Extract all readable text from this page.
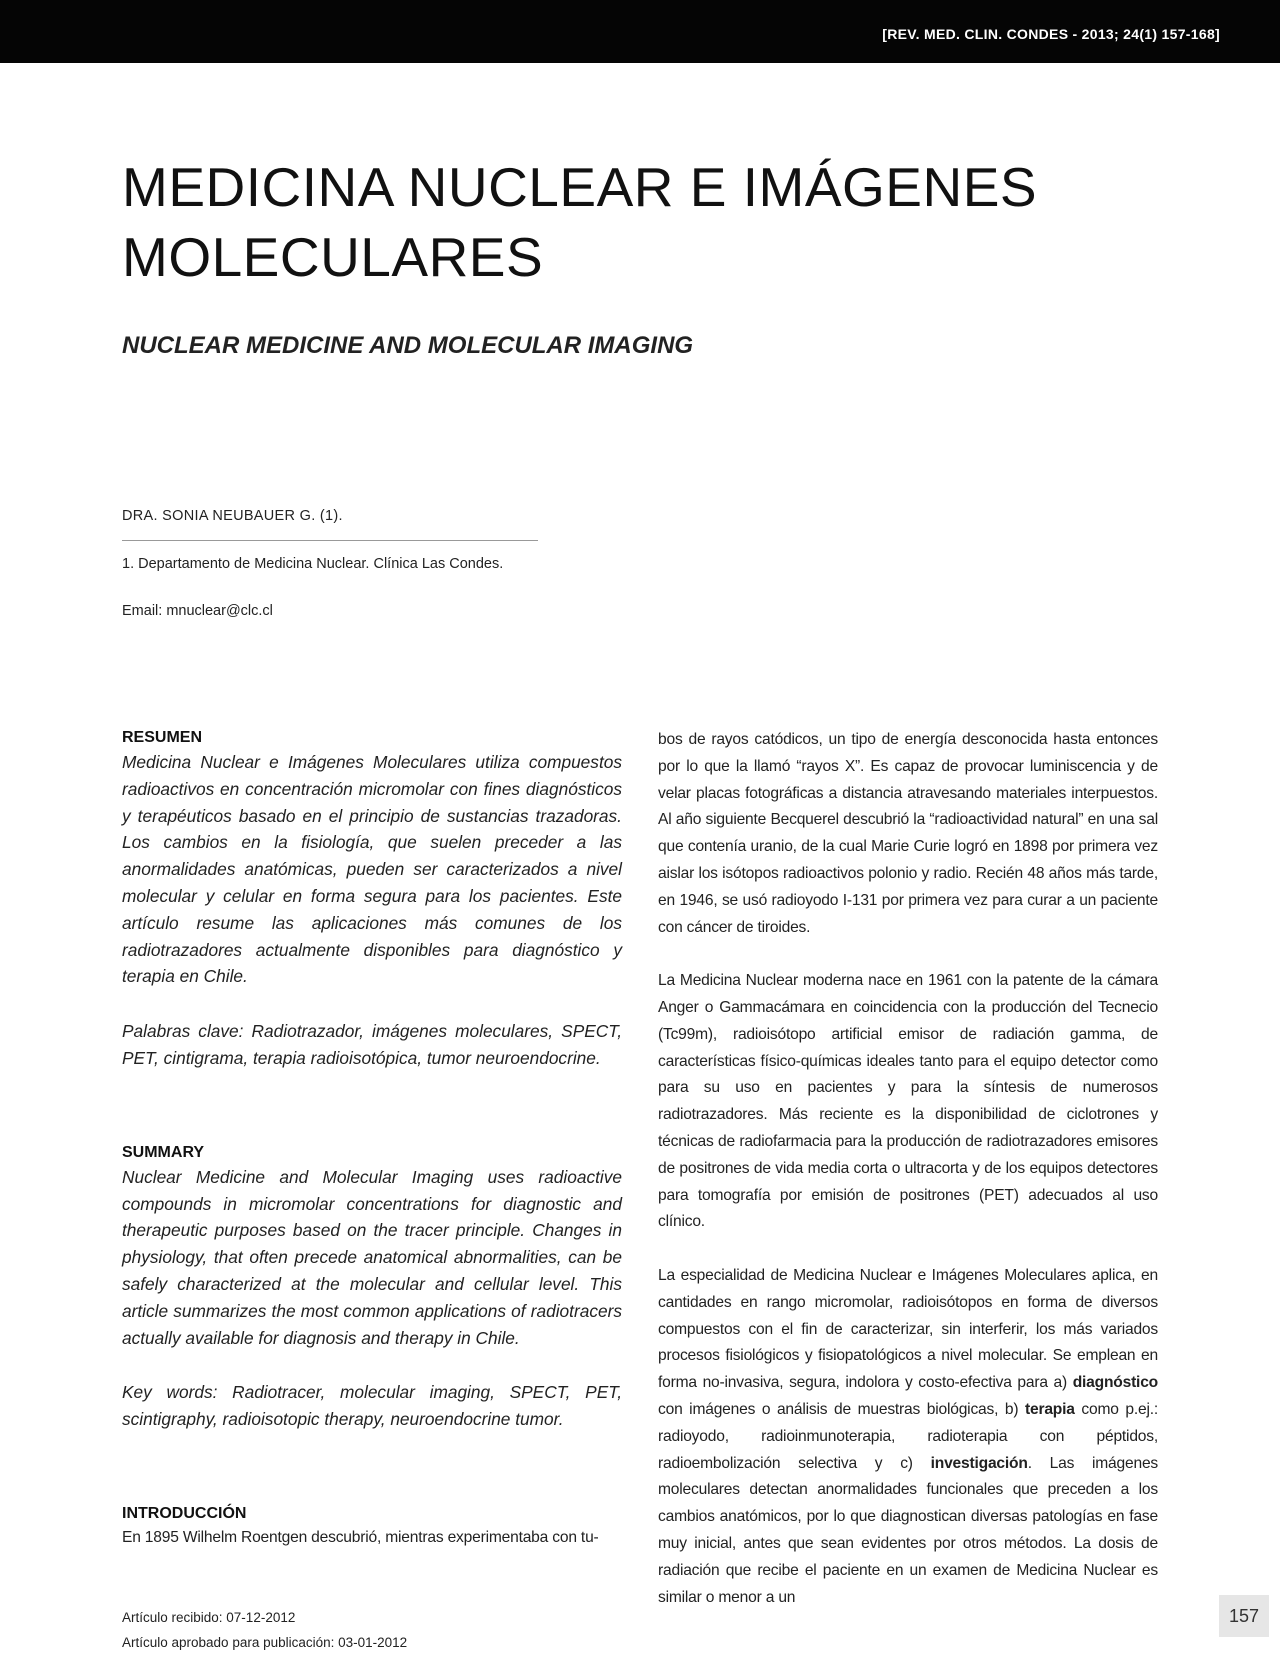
[REV. MED. CLIN. CONDES - 2013; 24(1) 157-168]
MEDICINA NUCLEAR E IMÁGENES
MOLECULARES
NUCLEAR MEDICINE AND MOLECULAR IMAGING
DRA. SONIA NEUBAUER G. (1).
1. Departamento de Medicina Nuclear. Clínica Las Condes.
Email: mnuclear@clc.cl
RESUMEN

Medicina Nuclear e Imágenes Moleculares utiliza compuestos radioactivos en concentración micromolar con fines diagnósticos y terapéuticos basado en el principio de sustancias trazadoras. Los cambios en la fisiología, que suelen preceder a las anormalidades anatómicas, pueden ser caracterizados a nivel molecular y celular en forma segura para los pacientes. Este artículo resume las aplicaciones más comunes de los radiotrazadores actualmente disponibles para diagnóstico y terapia en Chile.

Palabras clave: Radiotrazador, imágenes moleculares, SPECT, PET, cintigrama, terapia radioisotópica, tumor neuroendocrine.

SUMMARY

Nuclear Medicine and Molecular Imaging uses radioactive compounds in micromolar concentrations for diagnostic and therapeutic purposes based on the tracer principle. Changes in physiology, that often precede anatomical abnormalities, can be safely characterized at the molecular and cellular level. This article summarizes the most common applications of radiotracers actually available for diagnosis and therapy in Chile.

Key words: Radiotracer, molecular imaging, SPECT, PET, scintigraphy, radioisotopic therapy, neuroendocrine tumor.

INTRODUCCIÓN

En 1895 Wilhelm Roentgen descubrió, mientras experimentaba con tu-

bos de rayos catódicos, un tipo de energía desconocida hasta entonces por lo que la llamó “rayos X”. Es capaz de provocar luminiscencia y de velar placas fotográficas a distancia atravesando materiales interpuestos. Al año siguiente Becquerel descubrió la “radioactividad natural” en una sal que contenía uranio, de la cual Marie Curie logró en 1898 por primera vez aislar los isótopos radioactivos polonio y radio. Recién 48 años más tarde, en 1946, se usó radioyodo I-131 por primera vez para curar a un paciente con cáncer de tiroides.

La Medicina Nuclear moderna nace en 1961 con la patente de la cámara Anger o Gammacámara en coincidencia con la producción del Tecnecio (Tc99m), radioisótopo artificial emisor de radiación gamma, de características físico-químicas ideales tanto para el equipo detector como para su uso en pacientes y para la síntesis de numerosos radiotrazadores. Más reciente es la disponibilidad de ciclotrones y técnicas de radiofarmacia para la producción de radiotrazadores emisores de positrones de vida media corta o ultracorta y de los equipos detectores para tomografía por emisión de positrones (PET) adecuados al uso clínico.

La especialidad de Medicina Nuclear e Imágenes Moleculares aplica, en cantidades en rango micromolar, radioisótopos en forma de diversos compuestos con el fin de caracterizar, sin interferir, los más variados procesos fisiológicos y fisiopatológicos a nivel molecular. Se emplean en forma no-invasiva, segura, indolora y costo-efectiva para a) diagnóstico con imágenes o análisis de muestras biológicas, b) terapia como p.ej.: radioyodo, radioinmunoterapia, radioterapia con péptidos, radioembolización selectiva y c) investigación. Las imágenes moleculares detectan anormalidades funcionales que preceden a los cambios anatómicos, por lo que diagnostican diversas patologías en fase muy inicial, antes que sean evidentes por otros métodos. La dosis de radiación que recibe el paciente en un examen de Medicina Nuclear es similar o menor a un

Artículo recibido: 07-12-2012
Artículo aprobado para publicación: 03-01-2012
157
